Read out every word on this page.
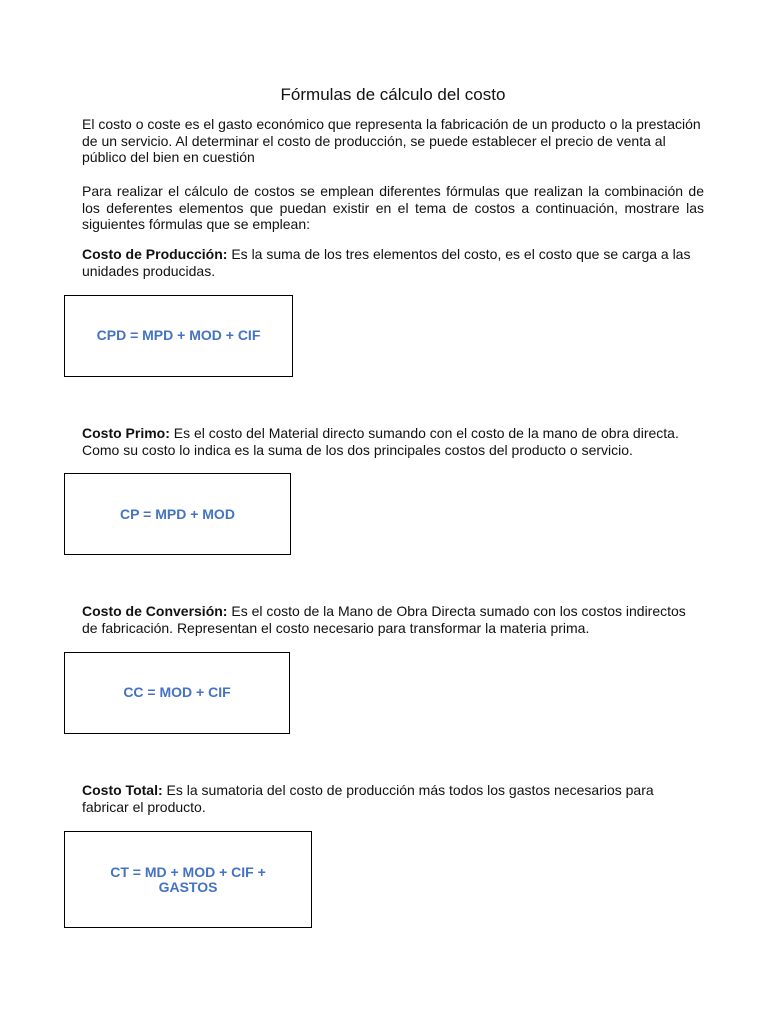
Fórmulas de cálculo del costo

El costo o coste es el gasto económico que representa la fabricación de un producto o la prestación de un servicio. Al determinar el costo de producción, se puede establecer el precio de venta al público del bien en cuestión

Para realizar el cálculo de costos se emplean diferentes fórmulas que realizan la combinación de los deferentes elementos que puedan existir en el tema de costos a continuación, mostrare las siguientes fórmulas que se emplean:

Costo de Producción: Es la suma de los tres elementos del costo, es el costo que se carga a las unidades producidas.

CPD = MPD + MOD + CIF

Costo Primo: Es el costo del Material directo sumando con el costo de la mano de obra directa. Como su costo lo indica es la suma de los dos principales costos del producto o servicio.

CP = MPD + MOD

Costo de Conversión: Es el costo de la Mano de Obra Directa sumado con los costos indirectos de fabricación. Representan el costo necesario para transformar la materia prima.

CC = MOD + CIF

Costo Total: Es la sumatoria del costo de producción más todos los gastos necesarios para fabricar el producto.

CT = MD + MOD + CIF +

GASTOS
